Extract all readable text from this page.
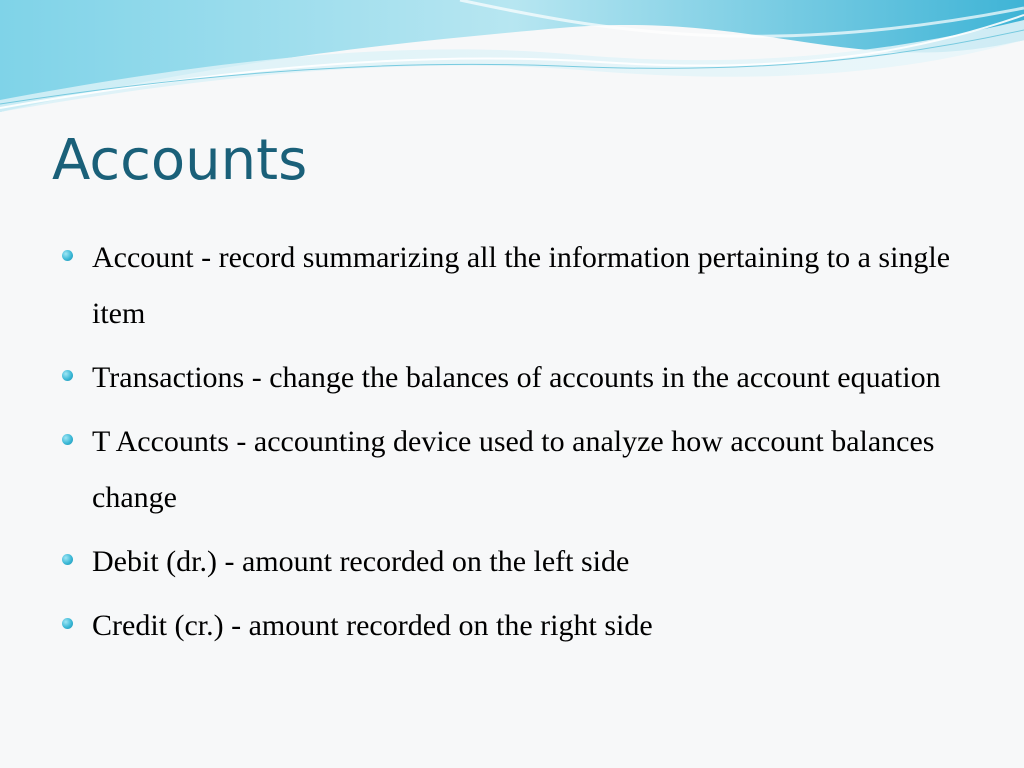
Accounts
Account - record summarizing all the information pertaining to a single item
Transactions - change the balances of accounts in the account equation
T Accounts - accounting device used to analyze how account balances change
Debit (dr.) - amount recorded on the left side
Credit (cr.) - amount recorded on the right side
